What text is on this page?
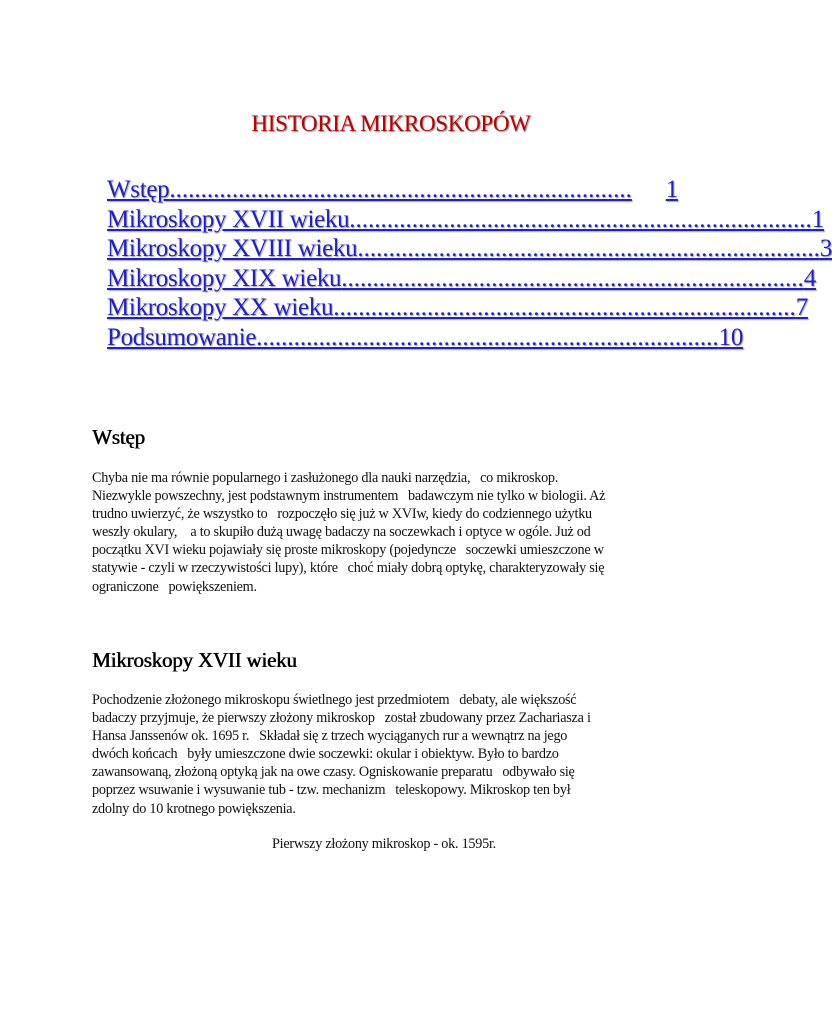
HISTORIA MIKROSKOPÓW
Wstęp ..........................................................................	1
Mikroskopy XVII wieku .......................................................................... 1
Mikroskopy XVIII wieku .......................................................................... 3
Mikroskopy XIX wieku .......................................................................... 4
Mikroskopy XX wieku .......................................................................... 7
Podsumowanie .......................................................................... 10
Wstęp

Chyba nie ma równie popularnego i zasłużonego dla nauki narzędzia,   co mikroskop.
Niezwykle powszechny, jest podstawnym instrumentem   badawczym nie tylko w biologii. Aż
trudno uwierzyć, że wszystko to   rozpoczęło się już w XVIw, kiedy do codziennego użytku
weszły okulary,    a to skupiło dużą uwagę badaczy na soczewkach i optyce w ogóle. Już od
początku XVI wieku pojawiały się proste mikroskopy (pojedyncze   soczewki umieszczone w
statywie - czyli w rzeczywistości lupy), które   choć miały dobrą optykę, charakteryzowały się
ograniczone   powiększeniem.

Mikroskopy XVII wieku

Pochodzenie złożonego mikroskopu świetlnego jest przedmiotem   debaty, ale większość
badaczy przyjmuje, że pierwszy złożony mikroskop   został zbudowany przez Zachariasza i
Hansa Janssenów ok. 1695 r.   Składał się z trzech wyciąganych rur a wewnątrz na jego
dwóch końcach   były umieszczone dwie soczewki: okular i obiektyw. Było to bardzo
zawansowaną, złożoną optyką jak na owe czasy. Ogniskowanie preparatu   odbywało się
poprzez wsuwanie i wysuwanie tub - tzw. mechanizm   teleskopowy. Mikroskop ten był
zdolny do 10 krotnego powiększenia.

Pierwszy złożony mikroskop - ok. 1595r.
